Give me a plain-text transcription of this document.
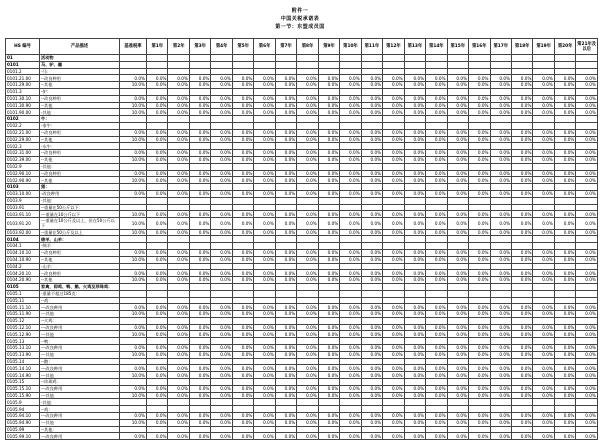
附件一
中国关税承诺表
第一节：东盟成员国
HS 编号	产品描述	基准税率	第1年	第2年	第3年	第4年	第5年	第6年	第7年	第8年	第9年	第10年	第11年	第12年	第13年	第14年	第15年	第16年	第17年	第18年	第19年	第20年	第21年及以后
01	活动物																						
0101	马、驴、骡																						
0101.2	-马：																						
0101.21.00	--改良种用	0.0%	0.0%	0.0%	0.0%	0.0%	0.0%	0.0%	0.0%	0.0%	0.0%	0.0%	0.0%	0.0%	0.0%	0.0%	0.0%	0.0%	0.0%	0.0%	0.0%	0.0%	0.0%
0101.29.00	--其他	10.0%	0.0%	0.0%	0.0%	0.0%	0.0%	0.0%	0.0%	0.0%	0.0%	0.0%	0.0%	0.0%	0.0%	0.0%	0.0%	0.0%	0.0%	0.0%	0.0%	0.0%	0.0%
0101.3	-驴：																						
0101.30.10	--改良种用	0.0%	0.0%	0.0%	0.0%	0.0%	0.0%	0.0%	0.0%	0.0%	0.0%	0.0%	0.0%	0.0%	0.0%	0.0%	0.0%	0.0%	0.0%	0.0%	0.0%	0.0%	0.0%
0101.30.90	--其他	10.0%	0.0%	0.0%	0.0%	0.0%	0.0%	0.0%	0.0%	0.0%	0.0%	0.0%	0.0%	0.0%	0.0%	0.0%	0.0%	0.0%	0.0%	0.0%	0.0%	0.0%	0.0%
0101.90.00	-其他	10.0%	0.0%	0.0%	0.0%	0.0%	0.0%	0.0%	0.0%	0.0%	0.0%	0.0%	0.0%	0.0%	0.0%	0.0%	0.0%	0.0%	0.0%	0.0%	0.0%	0.0%	0.0%
0102	牛：																						
0102.2	-家牛：																						
0102.21.00	--改良种用	0.0%	0.0%	0.0%	0.0%	0.0%	0.0%	0.0%	0.0%	0.0%	0.0%	0.0%	0.0%	0.0%	0.0%	0.0%	0.0%	0.0%	0.0%	0.0%	0.0%	0.0%	0.0%
0102.29.00	--其他	10.0%	0.0%	0.0%	0.0%	0.0%	0.0%	0.0%	0.0%	0.0%	0.0%	0.0%	0.0%	0.0%	0.0%	0.0%	0.0%	0.0%	0.0%	0.0%	0.0%	0.0%	0.0%
0102.3	-水牛：																						
0102.31.00	--改良种用	0.0%	0.0%	0.0%	0.0%	0.0%	0.0%	0.0%	0.0%	0.0%	0.0%	0.0%	0.0%	0.0%	0.0%	0.0%	0.0%	0.0%	0.0%	0.0%	0.0%	0.0%	0.0%
0102.39.00	--其他	10.0%	0.0%	0.0%	0.0%	0.0%	0.0%	0.0%	0.0%	0.0%	0.0%	0.0%	0.0%	0.0%	0.0%	0.0%	0.0%	0.0%	0.0%	0.0%	0.0%	0.0%	0.0%
0102.9	-其他：																						
0102.90.10	--改良种用	0.0%	0.0%	0.0%	0.0%	0.0%	0.0%	0.0%	0.0%	0.0%	0.0%	0.0%	0.0%	0.0%	0.0%	0.0%	0.0%	0.0%	0.0%	0.0%	0.0%	0.0%	0.0%
0102.90.90	--其他	10.0%	0.0%	0.0%	0.0%	0.0%	0.0%	0.0%	0.0%	0.0%	0.0%	0.0%	0.0%	0.0%	0.0%	0.0%	0.0%	0.0%	0.0%	0.0%	0.0%	0.0%	0.0%
0103	猪：																						
0103.10.00	-改良种用	0.0%	0.0%	0.0%	0.0%	0.0%	0.0%	0.0%	0.0%	0.0%	0.0%	0.0%	0.0%	0.0%	0.0%	0.0%	0.0%	0.0%	0.0%	0.0%	0.0%	0.0%	0.0%
0103.9	-其他：																						
0103.91	--重量在50公斤以下：																						
0103.91.10	---重量在10公斤以下	10.0%	0.0%	0.0%	0.0%	0.0%	0.0%	0.0%	0.0%	0.0%	0.0%	0.0%	0.0%	0.0%	0.0%	0.0%	0.0%	0.0%	0.0%	0.0%	0.0%	0.0%	0.0%
0103.91.20	---重量在10公斤及以上，但在50公斤以下	10.0%	0.0%	0.0%	0.0%	0.0%	0.0%	0.0%	0.0%	0.0%	0.0%	0.0%	0.0%	0.0%	0.0%	0.0%	0.0%	0.0%	0.0%	0.0%	0.0%	0.0%	0.0%
0103.92.00	--重量在50公斤及以上	10.0%	0.0%	0.0%	0.0%	0.0%	0.0%	0.0%	0.0%	0.0%	0.0%	0.0%	0.0%	0.0%	0.0%	0.0%	0.0%	0.0%	0.0%	0.0%	0.0%	0.0%	0.0%
0104	绵羊、山羊：																						
0104.1	-绵羊：																						
0104.10.10	--改良种用	0.0%	0.0%	0.0%	0.0%	0.0%	0.0%	0.0%	0.0%	0.0%	0.0%	0.0%	0.0%	0.0%	0.0%	0.0%	0.0%	0.0%	0.0%	0.0%	0.0%	0.0%	0.0%
0104.10.90	--其他	10.0%	0.0%	0.0%	0.0%	0.0%	0.0%	0.0%	0.0%	0.0%	0.0%	0.0%	0.0%	0.0%	0.0%	0.0%	0.0%	0.0%	0.0%	0.0%	0.0%	0.0%	0.0%
0104.2	-山羊：																						
0104.20.10	--改良种用	0.0%	0.0%	0.0%	0.0%	0.0%	0.0%	0.0%	0.0%	0.0%	0.0%	0.0%	0.0%	0.0%	0.0%	0.0%	0.0%	0.0%	0.0%	0.0%	0.0%	0.0%	0.0%
0104.20.90	--其他	10.0%	0.0%	0.0%	0.0%	0.0%	0.0%	0.0%	0.0%	0.0%	0.0%	0.0%	0.0%	0.0%	0.0%	0.0%	0.0%	0.0%	0.0%	0.0%	0.0%	0.0%	0.0%
0105	家禽，即鸡、鸭、鹅、火鸡及珍珠鸡：																						
0105.1	-重量不超过185克：																						
0105.11	--鸡：																						
0105.11.10	---改良种用	0.0%	0.0%	0.0%	0.0%	0.0%	0.0%	0.0%	0.0%	0.0%	0.0%	0.0%	0.0%	0.0%	0.0%	0.0%	0.0%	0.0%	0.0%	0.0%	0.0%	0.0%	0.0%
0105.11.90	---其他	10.0%	0.0%	0.0%	0.0%	0.0%	0.0%	0.0%	0.0%	0.0%	0.0%	0.0%	0.0%	0.0%	0.0%	0.0%	0.0%	0.0%	0.0%	0.0%	0.0%	0.0%	0.0%
0105.12	--火鸡：																						
0105.12.10	---改良种用	0.0%	0.0%	0.0%	0.0%	0.0%	0.0%	0.0%	0.0%	0.0%	0.0%	0.0%	0.0%	0.0%	0.0%	0.0%	0.0%	0.0%	0.0%	0.0%	0.0%	0.0%	0.0%
0105.12.90	---其他	10.0%	0.0%	0.0%	0.0%	0.0%	0.0%	0.0%	0.0%	0.0%	0.0%	0.0%	0.0%	0.0%	0.0%	0.0%	0.0%	0.0%	0.0%	0.0%	0.0%	0.0%	0.0%
0105.13	--鸭：																						
0105.13.10	---改良种用	0.0%	0.0%	0.0%	0.0%	0.0%	0.0%	0.0%	0.0%	0.0%	0.0%	0.0%	0.0%	0.0%	0.0%	0.0%	0.0%	0.0%	0.0%	0.0%	0.0%	0.0%	0.0%
0105.13.90	---其他	10.0%	0.0%	0.0%	0.0%	0.0%	0.0%	0.0%	0.0%	0.0%	0.0%	0.0%	0.0%	0.0%	0.0%	0.0%	0.0%	0.0%	0.0%	0.0%	0.0%	0.0%	0.0%
0105.14	--鹅：																						
0105.14.10	---改良种用	0.0%	0.0%	0.0%	0.0%	0.0%	0.0%	0.0%	0.0%	0.0%	0.0%	0.0%	0.0%	0.0%	0.0%	0.0%	0.0%	0.0%	0.0%	0.0%	0.0%	0.0%	0.0%
0105.14.90	---其他	10.0%	0.0%	0.0%	0.0%	0.0%	0.0%	0.0%	0.0%	0.0%	0.0%	0.0%	0.0%	0.0%	0.0%	0.0%	0.0%	0.0%	0.0%	0.0%	0.0%	0.0%	0.0%
0105.15	--珍珠鸡：																						
0105.15.10	---改良种用	0.0%	0.0%	0.0%	0.0%	0.0%	0.0%	0.0%	0.0%	0.0%	0.0%	0.0%	0.0%	0.0%	0.0%	0.0%	0.0%	0.0%	0.0%	0.0%	0.0%	0.0%	0.0%
0105.15.90	---其他	10.0%	0.0%	0.0%	0.0%	0.0%	0.0%	0.0%	0.0%	0.0%	0.0%	0.0%	0.0%	0.0%	0.0%	0.0%	0.0%	0.0%	0.0%	0.0%	0.0%	0.0%	0.0%
0105.9	-其他：																						
0105.94	--鸡：																						
0105.94.10	---改良种用	0.0%	0.0%	0.0%	0.0%	0.0%	0.0%	0.0%	0.0%	0.0%	0.0%	0.0%	0.0%	0.0%	0.0%	0.0%	0.0%	0.0%	0.0%	0.0%	0.0%	0.0%	0.0%
0105.94.90	---其他	10.0%	0.0%	0.0%	0.0%	0.0%	0.0%	0.0%	0.0%	0.0%	0.0%	0.0%	0.0%	0.0%	0.0%	0.0%	0.0%	0.0%	0.0%	0.0%	0.0%	0.0%	0.0%
0105.99	--其他：																						
0105.99.10	---改良种用	0.0%	0.0%	0.0%	0.0%	0.0%	0.0%	0.0%	0.0%	0.0%	0.0%	0.0%	0.0%	0.0%	0.0%	0.0%	0.0%	0.0%	0.0%	0.0%	0.0%	0.0%	0.0%
